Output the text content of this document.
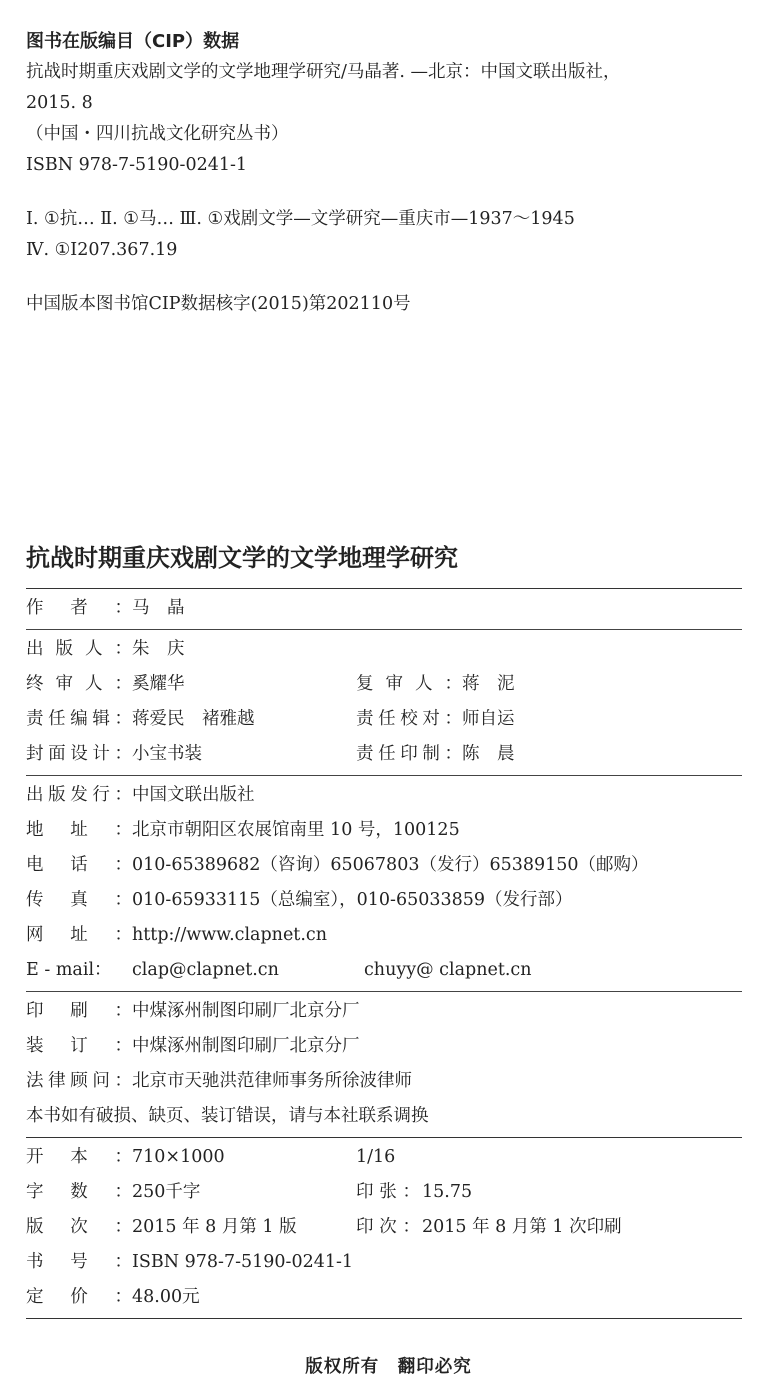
图书在版编目（CIP）数据
抗战时期重庆戏剧文学的文学地理学研究/马晶著. —北京：中国文联出版社，
2015. 8
（中国・四川抗战文化研究丛书）
ISBN 978-7-5190-0241-1
Ⅰ. ①抗… Ⅱ. ①马… Ⅲ. ①戏剧文学—文学研究—重庆市—1937～1945
Ⅳ. ①I207.367.19
中国版本图书馆CIP数据核字(2015)第202110号
抗战时期重庆戏剧文学的文学地理学研究
作者： 马　晶
出版人： 朱　庆
终审人： 奚耀华	复审人： 蒋　泥
责任编辑： 蒋爱民　褚雅越	责任校对： 师自运
封面设计： 小宝书装	责任印制： 陈　晨
出版发行： 中国文联出版社
地址： 北京市朝阳区农展馆南里 10 号，100125
电话： 010-65389682（咨询）65067803（发行）65389150（邮购）
传真： 010-65933115（总编室），010-65033859（发行部）
网址： http://www.clapnet.cn
E - mail： clap@clapnet.cn	chuyy@ clapnet.cn
印刷： 中煤涿州制图印刷厂北京分厂
装订： 中煤涿州制图印刷厂北京分厂
法律顾问： 北京市天驰洪范律师事务所徐波律师
本书如有破损、缺页、装订错误，请与本社联系调换
开本： 710×1000	1/16
字数： 250千字	印张： 15.75
版次： 2015 年 8 月第 1 版	印次： 2015 年 8 月第 1 次印刷
书号： ISBN 978-7-5190-0241-1
定价： 48.00元
版权所有　翻印必究
